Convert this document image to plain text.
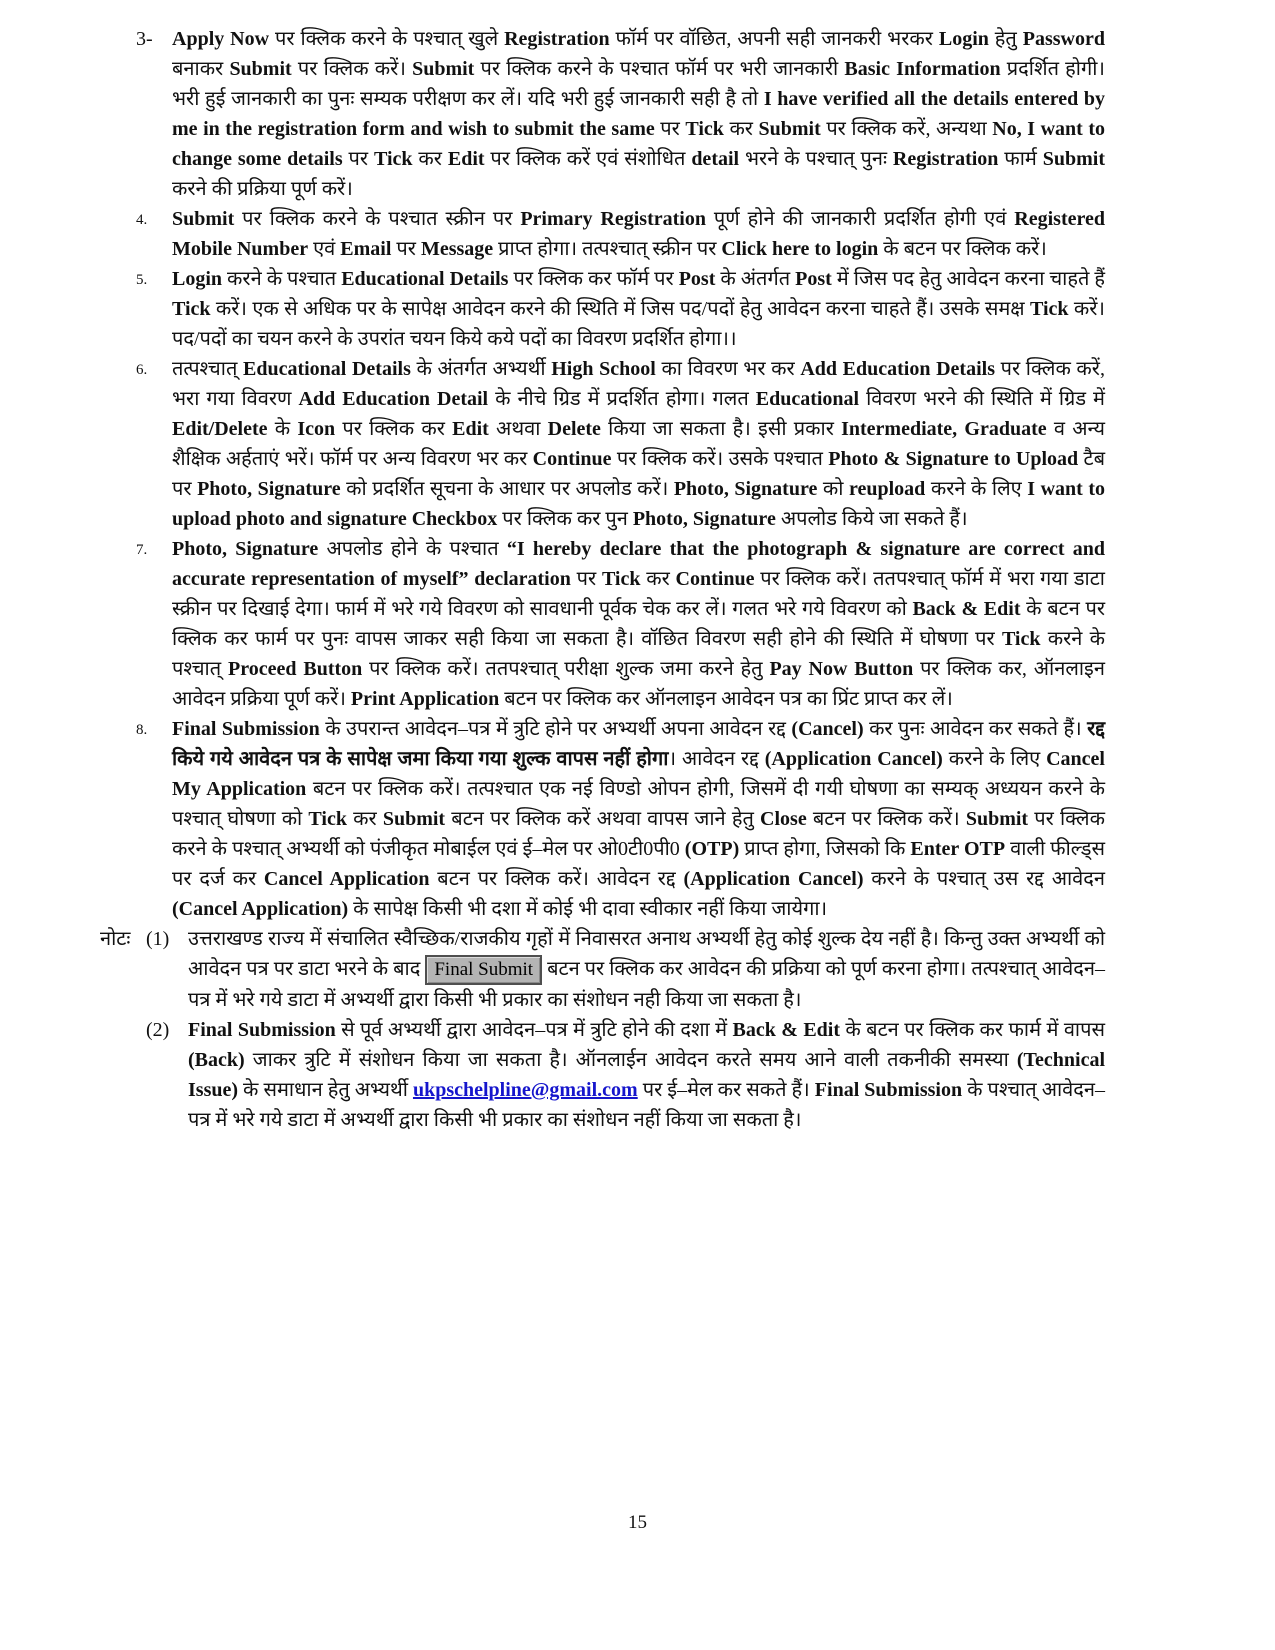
3- Apply Now पर क्लिक करने के पश्चात् खुले Registration फॉर्म पर वॉछित, अपनी सही जानकरी भरकर Login हेतु Password बनाकर Submit पर क्लिक करें। Submit पर क्लिक करने के पश्चात फॉर्म पर भरी जानकारी Basic Information प्रदर्शित होगी। भरी हुई जानकारी का पुनः सम्यक परीक्षण कर लें। यदि भरी हुई जानकारी सही है तो I have verified all the details entered by me in the registration form and wish to submit the same पर Tick कर Submit पर क्लिक करें, अन्यथा No, I want to change some details पर Tick कर Edit पर क्लिक करें एवं संशोधित detail भरने के पश्चात् पुनः Registration फार्म Submit करने की प्रक्रिया पूर्ण करें।
4. Submit पर क्लिक करने के पश्चात स्क्रीन पर Primary Registration पूर्ण होने की जानकारी प्रदर्शित होगी एवं Registered Mobile Number एवं Email पर Message प्राप्त होगा। तत्पश्चात् स्क्रीन पर Click here to login के बटन पर क्लिक करें।
5. Login करने के पश्चात Educational Details पर क्लिक कर फॉर्म पर Post के अंतर्गत Post में जिस पद हेतु आवेदन करना चाहते हैं Tick करें। एक से अधिक पर के सापेक्ष आवेदन करने की स्थिति में जिस पद/पदों हेतु आवेदन करना चाहते हैं। उसके समक्ष Tick करें। पद/पदों का चयन करने के उपरांत चयन किये कये पदों का विवरण प्रदर्शित होगा।।
6. तत्पश्चात् Educational Details के अंतर्गत अभ्यर्थी High School का विवरण भर कर Add Education Details पर क्लिक करें, भरा गया विवरण Add Education Detail के नीचे ग्रिड में प्रदर्शित होगा। गलत Educational विवरण भरने की स्थिति में ग्रिड में Edit/Delete के Icon पर क्लिक कर Edit अथवा Delete किया जा सकता है। इसी प्रकार Intermediate, Graduate व अन्य शैक्षिक अर्हताएं भरें। फॉर्म पर अन्य विवरण भर कर Continue पर क्लिक करें। उसके पश्चात Photo & Signature to Upload टैब पर Photo, Signature को प्रदर्शित सूचना के आधार पर अपलोड करें। Photo, Signature को reupload करने के लिए I want to upload photo and signature Checkbox पर क्लिक कर पुन Photo, Signature अपलोड किये जा सकते हैं।
7. Photo, Signature अपलोड होने के पश्चात “I hereby declare that the photograph & signature are correct and accurate representation of myself” declaration पर Tick कर Continue पर क्लिक करें। ततपश्चात् फॉर्म में भरा गया डाटा स्क्रीन पर दिखाई देगा। फार्म में भरे गये विवरण को सावधानी पूर्वक चेक कर लें। गलत भरे गये विवरण को Back & Edit के बटन पर क्लिक कर फार्म पर पुनः वापस जाकर सही किया जा सकता है। वॉछित विवरण सही होने की स्थिति में घोषणा पर Tick करने के पश्चात् Proceed Button पर क्लिक करें। ततपश्चात् परीक्षा शुल्क जमा करने हेतु Pay Now Button पर क्लिक कर, ऑनलाइन आवेदन प्रक्रिया पूर्ण करें। Print Application बटन पर क्लिक कर ऑनलाइन आवेदन पत्र का प्रिंट प्राप्त कर लें।
8. Final Submission के उपरान्त आवेदन–पत्र में त्रुटि होने पर अभ्यर्थी अपना आवेदन रद्द (Cancel) कर पुनः आवेदन कर सकते हैं। रद्द किये गये आवेदन पत्र के सापेक्ष जमा किया गया शुल्क वापस नहीं होगा। आवेदन रद्द (Application Cancel) करने के लिए Cancel My Application बटन पर क्लिक करें। तत्पश्चात एक नई विण्डो ओपन होगी, जिसमें दी गयी घोषणा का सम्यक् अध्ययन करने के पश्चात् घोषणा को Tick कर Submit बटन पर क्लिक करें अथवा वापस जाने हेतु Close बटन पर क्लिक करें। Submit पर क्लिक करने के पश्चात् अभ्यर्थी को पंजीकृत मोबाईल एवं ई–मेल पर ओ0टी0पी0 (OTP) प्राप्त होगा, जिसको कि Enter OTP वाली फील्ड्स पर दर्ज कर Cancel Application बटन पर क्लिक करें। आवेदन रद्द (Application Cancel) करने के पश्चात् उस रद्द आवेदन (Cancel Application) के सापेक्ष किसी भी दशा में कोई भी दावा स्वीकार नहीं किया जायेगा।
नोटः (1) उत्तराखण्ड राज्य में संचालित स्वैच्छिक/राजकीय गृहों में निवासरत अनाथ अभ्यर्थी हेतु कोई शुल्क देय नहीं है। किन्तु उक्त अभ्यर्थी को आवेदन पत्र पर डाटा भरने के बाद Final Submit बटन पर क्लिक कर आवेदन की प्रक्रिया को पूर्ण करना होगा। तत्पश्चात् आवेदन–पत्र में भरे गये डाटा में अभ्यर्थी द्वारा किसी भी प्रकार का संशोधन नही किया जा सकता है।
(2) Final Submission से पूर्व अभ्यर्थी द्वारा आवेदन–पत्र में त्रुटि होने की दशा में Back & Edit के बटन पर क्लिक कर फार्म में वापस (Back) जाकर त्रुटि में संशोधन किया जा सकता है। ऑनलाईन आवेदन करते समय आने वाली तकनीकी समस्या (Technical Issue) के समाधान हेतु अभ्यर्थी ukpschelpline@gmail.com पर ई–मेल कर सकते हैं। Final Submission के पश्चात् आवेदन–पत्र में भरे गये डाटा में अभ्यर्थी द्वारा किसी भी प्रकार का संशोधन नहीं किया जा सकता है।
15
